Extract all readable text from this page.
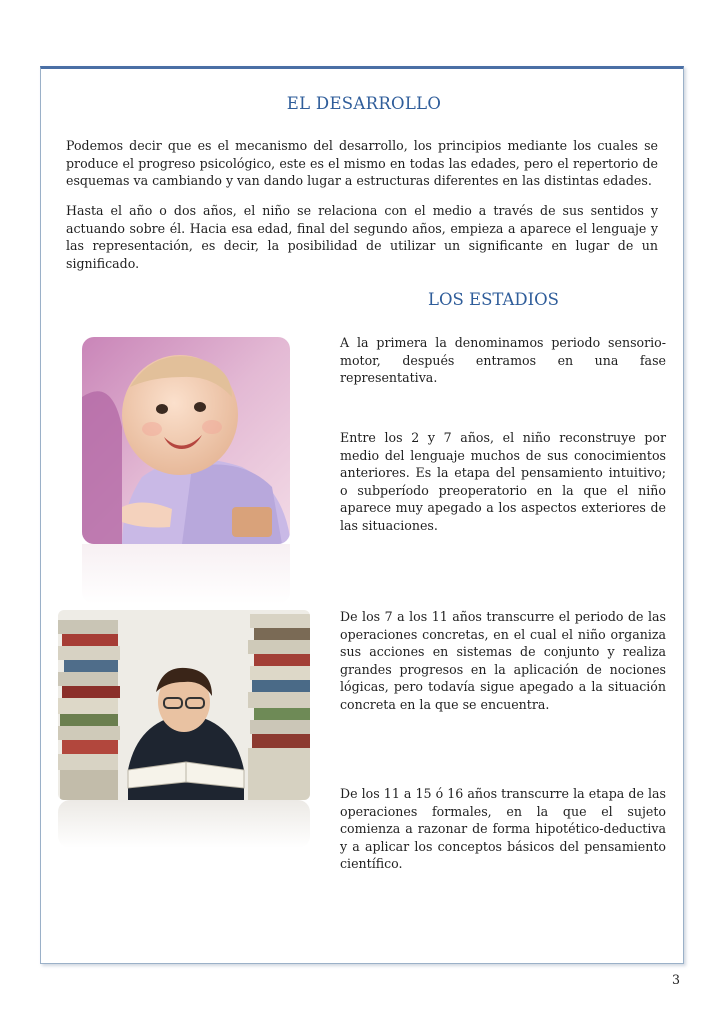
EL DESARROLLO

Podemos decir que es el mecanismo del desarrollo, los principios mediante los cuales se produce el progreso psicológico, este es el mismo en todas las edades, pero el repertorio de esquemas va cambiando y van dando lugar a estructuras diferentes en las distintas edades.

Hasta el año o dos años, el niño se relaciona con el medio a través de sus sentidos y actuando sobre él. Hacia esa edad, final del segundo años, empieza a aparece el lenguaje y las representación, es decir, la posibilidad de utilizar un significante en lugar de un significado.

LOS ESTADIOS

A la primera la denominamos periodo sensorio-motor, después entramos en una fase representativa.

Entre los 2 y 7 años, el niño reconstruye por medio del lenguaje muchos de sus conocimientos anteriores. Es la etapa del pensamiento intuitivo; o subperíodo preoperatorio en la que el niño aparece muy apegado a los aspectos exteriores de las situaciones.

De los 7 a los 11 años transcurre el periodo de las operaciones concretas, en el cual el niño organiza sus acciones en sistemas de conjunto y realiza grandes progresos en la aplicación de nociones lógicas, pero todavía sigue apegado a la situación concreta en la que se encuentra.

De los 11 a 15 ó 16 años transcurre la etapa de las operaciones formales, en la que el sujeto comienza a razonar de forma hipotético-deductiva y a aplicar los conceptos básicos del pensamiento científico.

3
